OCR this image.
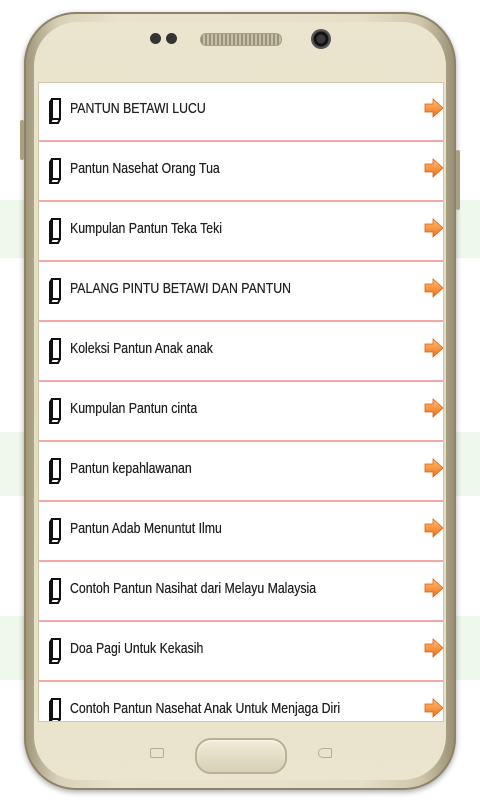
PANTUN BETAWI LUCU
Pantun Nasehat Orang Tua
Kumpulan Pantun Teka Teki
PALANG PINTU BETAWI DAN PANTUN
Koleksi Pantun Anak anak
Kumpulan Pantun cinta
Pantun kepahlawanan
Pantun Adab Menuntut Ilmu
Contoh Pantun Nasihat dari Melayu Malaysia
Doa Pagi Untuk Kekasih
Contoh Pantun Nasehat Anak Untuk Menjaga Diri
